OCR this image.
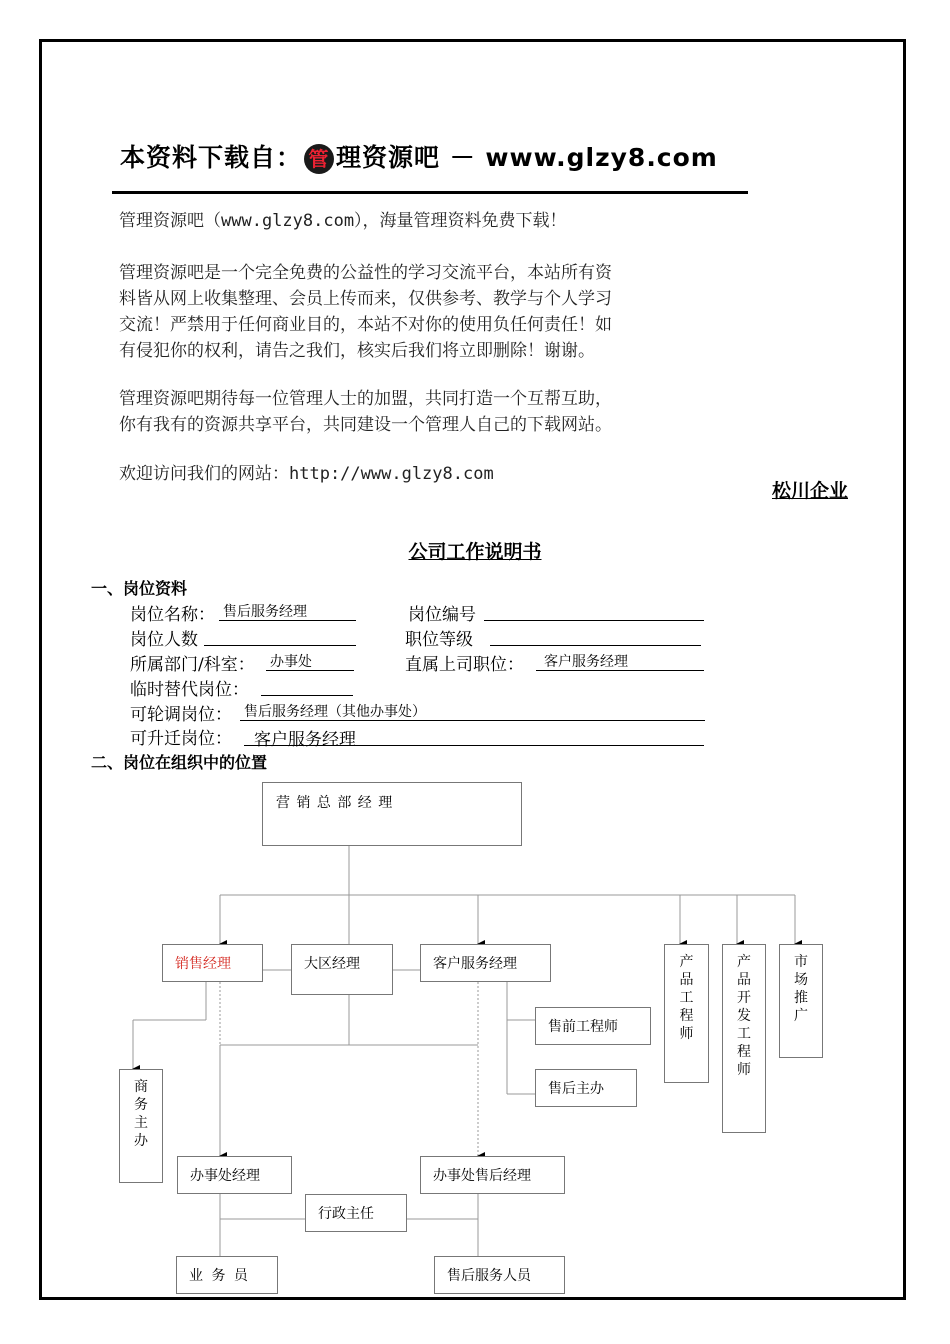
本资料下载自： 管 理资源吧 － www.glzy8.com
管理资源吧（www.glzy8.com），海量管理资料免费下载！
管理资源吧是一个完全免费的公益性的学习交流平台，本站所有资
料皆从网上收集整理、会员上传而来，仅供参考、教学与个人学习
交流！严禁用于任何商业目的，本站不对你的使用负任何责任！如
有侵犯你的权利，请告之我们，核实后我们将立即删除！谢谢。
管理资源吧期待每一位管理人士的加盟，共同打造一个互帮互助，
你有我有的资源共享平台，共同建设一个管理人自己的下载网站。
欢迎访问我们的网站：http://www.glzy8.com
松川企业
公司工作说明书
一、岗位资料
岗位名称： 售后服务经理	岗位编号
岗位人数	职位等级
所属部门/科室： 办事处	直属上司职位：	客户服务经理
临时替代岗位：
可轮调岗位： 售后服务经理（其他办事处）
可升迁岗位：	客户服务经理
二、岗位在组织中的位置
营 销 总 部 经 理
销售经理	大区经理	客户服务经理	产品工程师
产品开发工程师
市场推广
售前工程师
售后主办
商务主办
办事处经理	办事处售后经理
行政主任
业 务 员	售后服务人员
